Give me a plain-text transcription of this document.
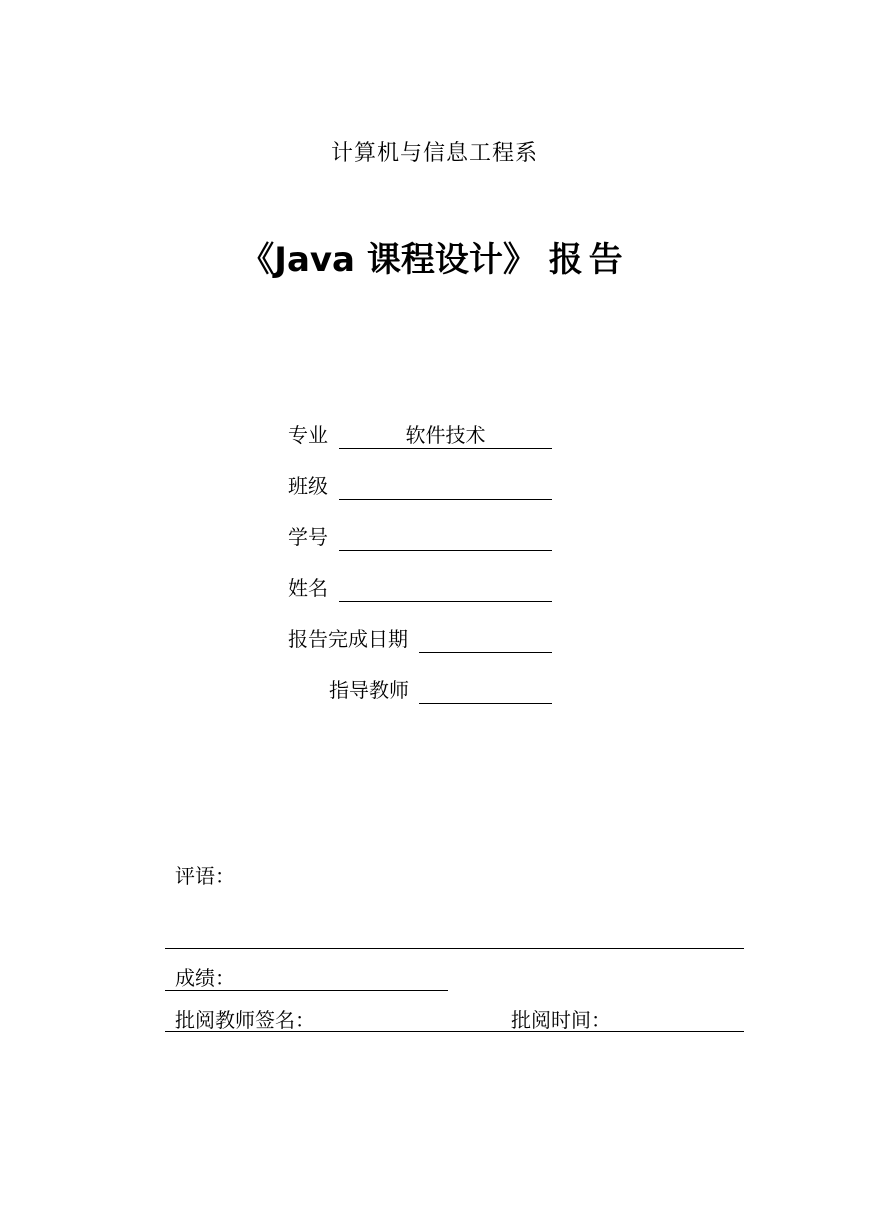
计算机与信息工程系
《Java 课程设计》 报告
专业	软件技术
班级
学号
姓名
报告完成日期
指导教师
评语：
成绩：
批阅教师签名：	批阅时间：
